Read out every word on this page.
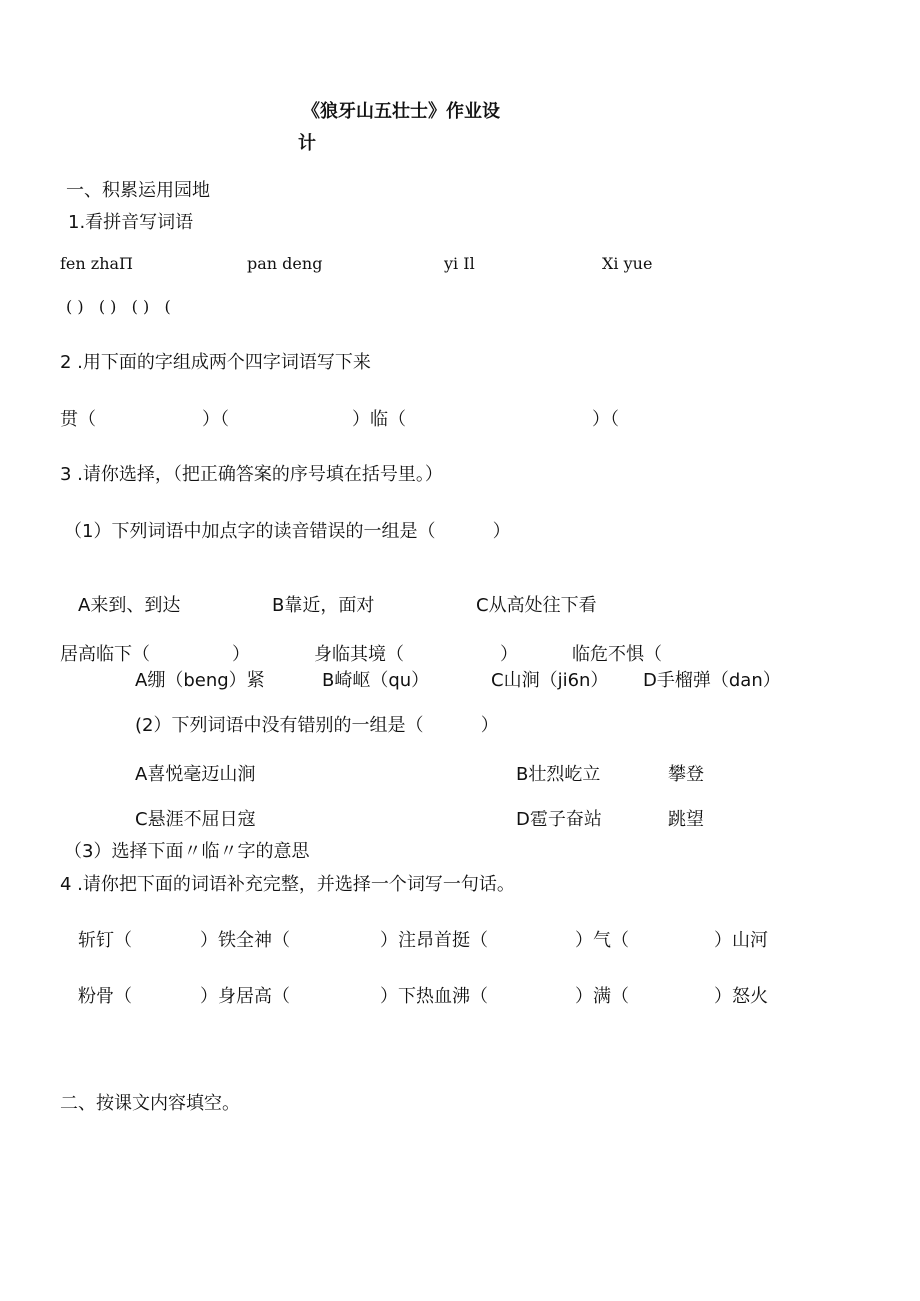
《狼牙山五壮士》作业设
计
一、积累运用园地
1.看拼音写词语
fen zhaΠ	pan deng	yi Il	Xi yue
( )   ( )   ( )   (
2 .用下面的字组成两个四字词语写下来
贯（	）（	）临（	）（
3 .请你选择，（把正确答案的序号填在括号里。）
（1）下列词语中加点字的读音错误的一组是（          ）
A来到、到达	B靠近，面对	C从高处往下看
居高临下（	）	身临其境（	）	临危不惧（
A绷（beng）紧	B崎岖（qu）	C山涧（ji6n） D手榴弹（dan）
(2）下列词语中没有错别的一组是（          ）
A喜悦毫迈山涧	B壮烈屹立	攀登
C悬涯不屈日寇	D雹子奋站	跳望
（3）选择下面〃临〃字的意思
4 .请你把下面的词语补充完整，并选择一个词写一句话。
斩钉（	）铁全神（	）注昂首挺（	）气（	）山河
粉骨（	）身居高（	）下热血沸（	）满（	）怒火
二、按课文内容填空。
